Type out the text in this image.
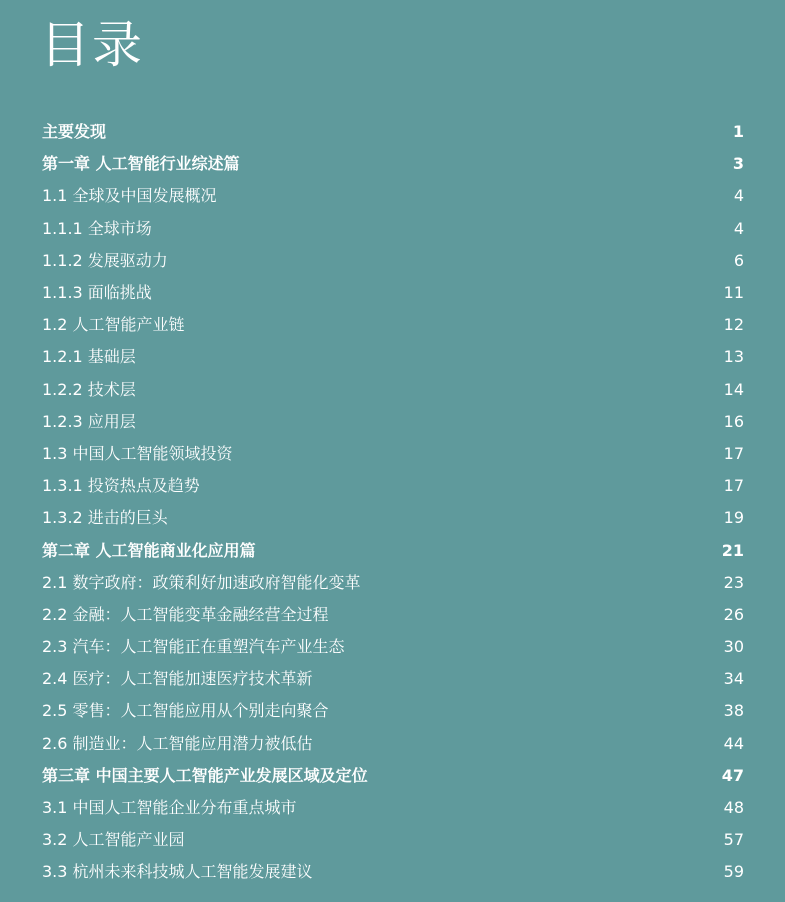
目录
主要发现	1
第一章 人工智能行业综述篇	3
1.1 全球及中国发展概况	4
1.1.1 全球市场	4
1.1.2 发展驱动力	6
1.1.3 面临挑战	11
1.2 人工智能产业链	12
1.2.1 基础层	13
1.2.2 技术层	14
1.2.3 应用层	16
1.3 中国人工智能领域投资	17
1.3.1 投资热点及趋势	17
1.3.2 进击的巨头	19
第二章 人工智能商业化应用篇	21
2.1 数字政府：政策利好加速政府智能化变革	23
2.2 金融：人工智能变革金融经营全过程	26
2.3 汽车：人工智能正在重塑汽车产业生态	30
2.4 医疗：人工智能加速医疗技术革新	34
2.5 零售：人工智能应用从个别走向聚合	38
2.6 制造业：人工智能应用潜力被低估	44
第三章 中国主要人工智能产业发展区域及定位	47
3.1 中国人工智能企业分布重点城市	48
3.2 人工智能产业园	57
3.3 杭州未来科技城人工智能发展建议	59
